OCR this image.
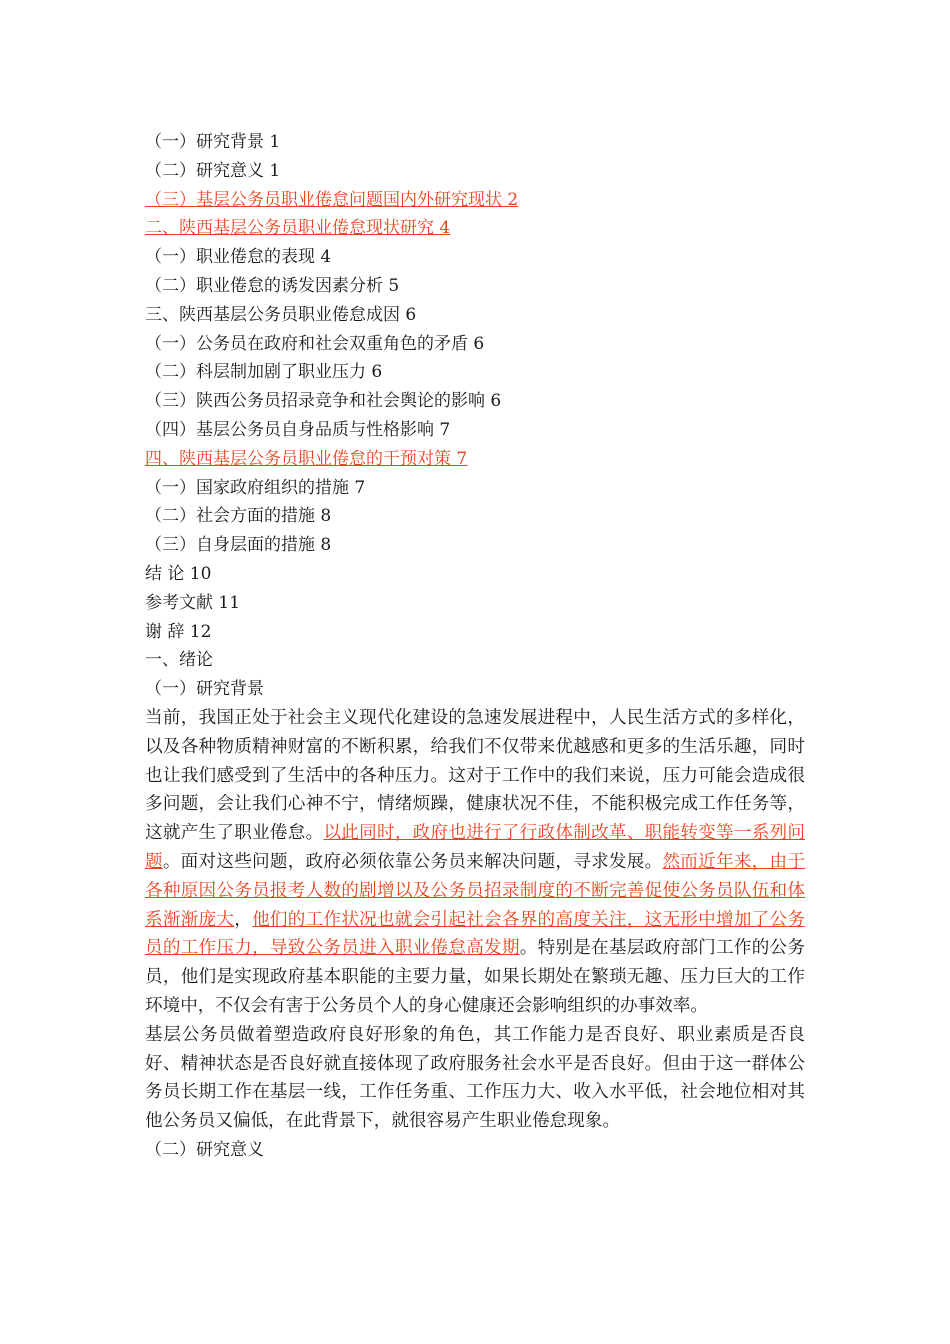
（一）研究背景 1
（二）研究意义 1
（三）基层公务员职业倦怠问题国内外研究现状 2
二、陕西基层公务员职业倦怠现状研究 4
（一）职业倦怠的表现 4
（二）职业倦怠的诱发因素分析 5
三、陕西基层公务员职业倦怠成因 6
（一）公务员在政府和社会双重角色的矛盾 6
（二）科层制加剧了职业压力 6
（三）陕西公务员招录竞争和社会舆论的影响 6
（四）基层公务员自身品质与性格影响 7
四、陕西基层公务员职业倦怠的干预对策 7
（一）国家政府组织的措施 7
（二）社会方面的措施 8
（三）自身层面的措施 8
结 论 10
参考文献 11
谢 辞 12
一、绪论
（一）研究背景
当前，我国正处于社会主义现代化建设的急速发展进程中，人民生活方式的多样化，以及各种物质精神财富的不断积累，给我们不仅带来优越感和更多的生活乐趣，同时也让我们感受到了生活中的各种压力。这对于工作中的我们来说，压力可能会造成很多问题，会让我们心神不宁，情绪烦躁，健康状况不佳，不能积极完成工作任务等，这就产生了职业倦怠。以此同时，政府也进行了行政体制改革、职能转变等一系列问题。面对这些问题，政府必须依靠公务员来解决问题，寻求发展。然而近年来，由于各种原因公务员报考人数的剧增以及公务员招录制度的不断完善促使公务员队伍和体系渐渐庞大，他们的工作状况也就会引起社会各界的高度关注，这无形中增加了公务员的工作压力，导致公务员进入职业倦怠高发期。特别是在基层政府部门工作的公务员，他们是实现政府基本职能的主要力量，如果长期处在繁琐无趣、压力巨大的工作环境中，不仅会有害于公务员个人的身心健康还会影响组织的办事效率。
基层公务员做着塑造政府良好形象的角色，其工作能力是否良好、职业素质是否良好、精神状态是否良好就直接体现了政府服务社会水平是否良好。但由于这一群体公务员长期工作在基层一线，工作任务重、工作压力大、收入水平低，社会地位相对其他公务员又偏低，在此背景下，就很容易产生职业倦怠现象。
（二）研究意义
